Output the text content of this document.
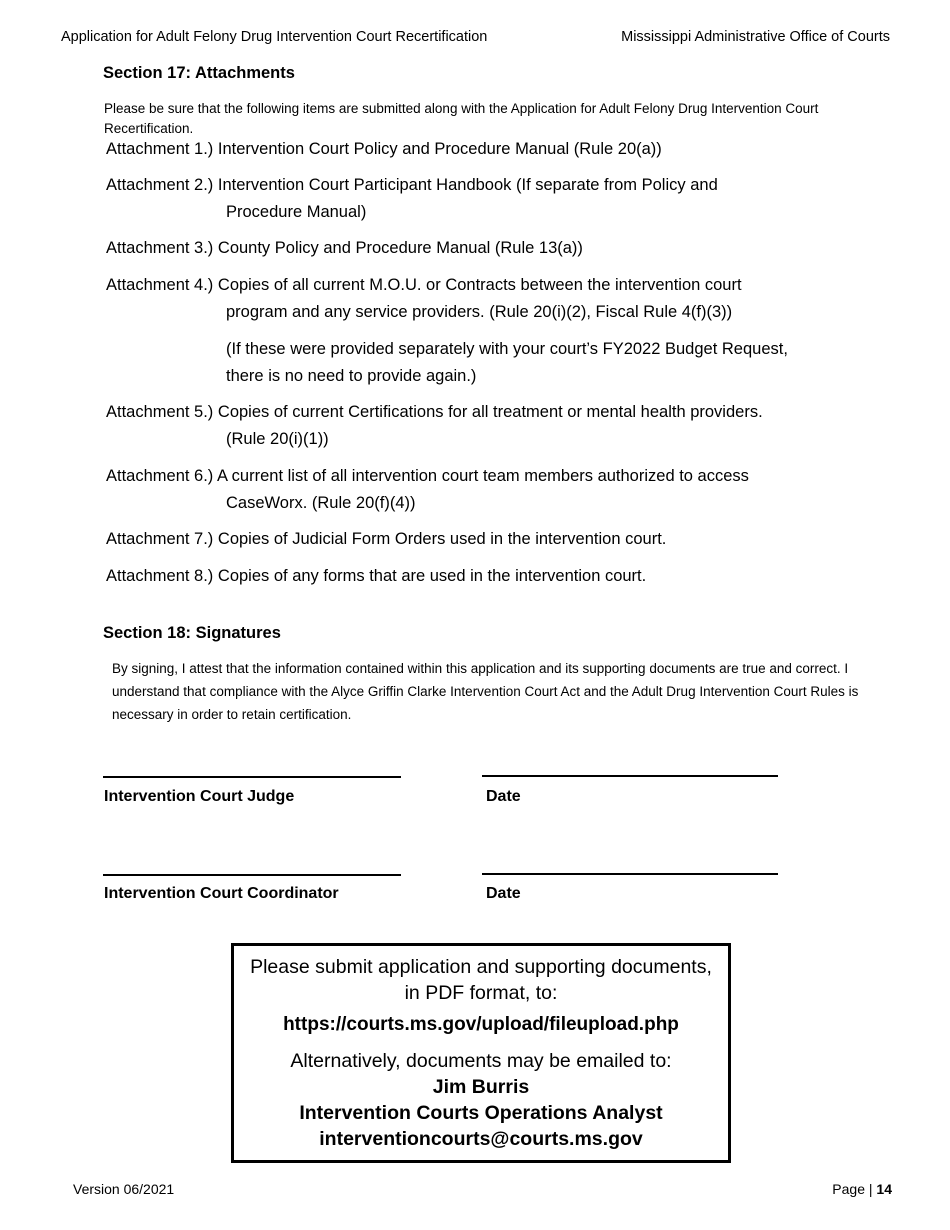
Application for Adult Felony Drug Intervention Court Recertification	Mississippi Administrative Office of Courts
Section 17: Attachments
Please be sure that the following items are submitted along with the Application for Adult Felony Drug Intervention Court Recertification.
Attachment 1.) Intervention Court Policy and Procedure Manual (Rule 20(a))
Attachment 2.) Intervention Court Participant Handbook (If separate from Policy and
Procedure Manual)
Attachment 3.) County Policy and Procedure Manual (Rule 13(a))
Attachment 4.) Copies of all current M.O.U. or Contracts between the intervention court
program and any service providers. (Rule 20(i)(2), Fiscal Rule 4(f)(3))
(If these were provided separately with your court’s FY2022 Budget Request,
there is no need to provide again.)
Attachment 5.) Copies of current Certifications for all treatment or mental health providers.
(Rule 20(i)(1))
Attachment 6.) A current list of all intervention court team members authorized to access
CaseWorx. (Rule 20(f)(4))
Attachment 7.) Copies of Judicial Form Orders used in the intervention court.
Attachment 8.) Copies of any forms that are used in the intervention court.
Section 18: Signatures
By signing, I attest that the information contained within this application and its supporting documents are true and correct. I understand that compliance with the Alyce Griffin Clarke Intervention Court Act and the Adult Drug Intervention Court Rules is necessary in order to retain certification.
Intervention Court Judge	Date
Intervention Court Coordinator	Date
Please submit application and supporting documents,
in PDF format, to:
https://courts.ms.gov/upload/fileupload.php
Alternatively, documents may be emailed to:
Jim Burris
Intervention Courts Operations Analyst
interventioncourts@courts.ms.gov
Version 06/2021	Page | 14
